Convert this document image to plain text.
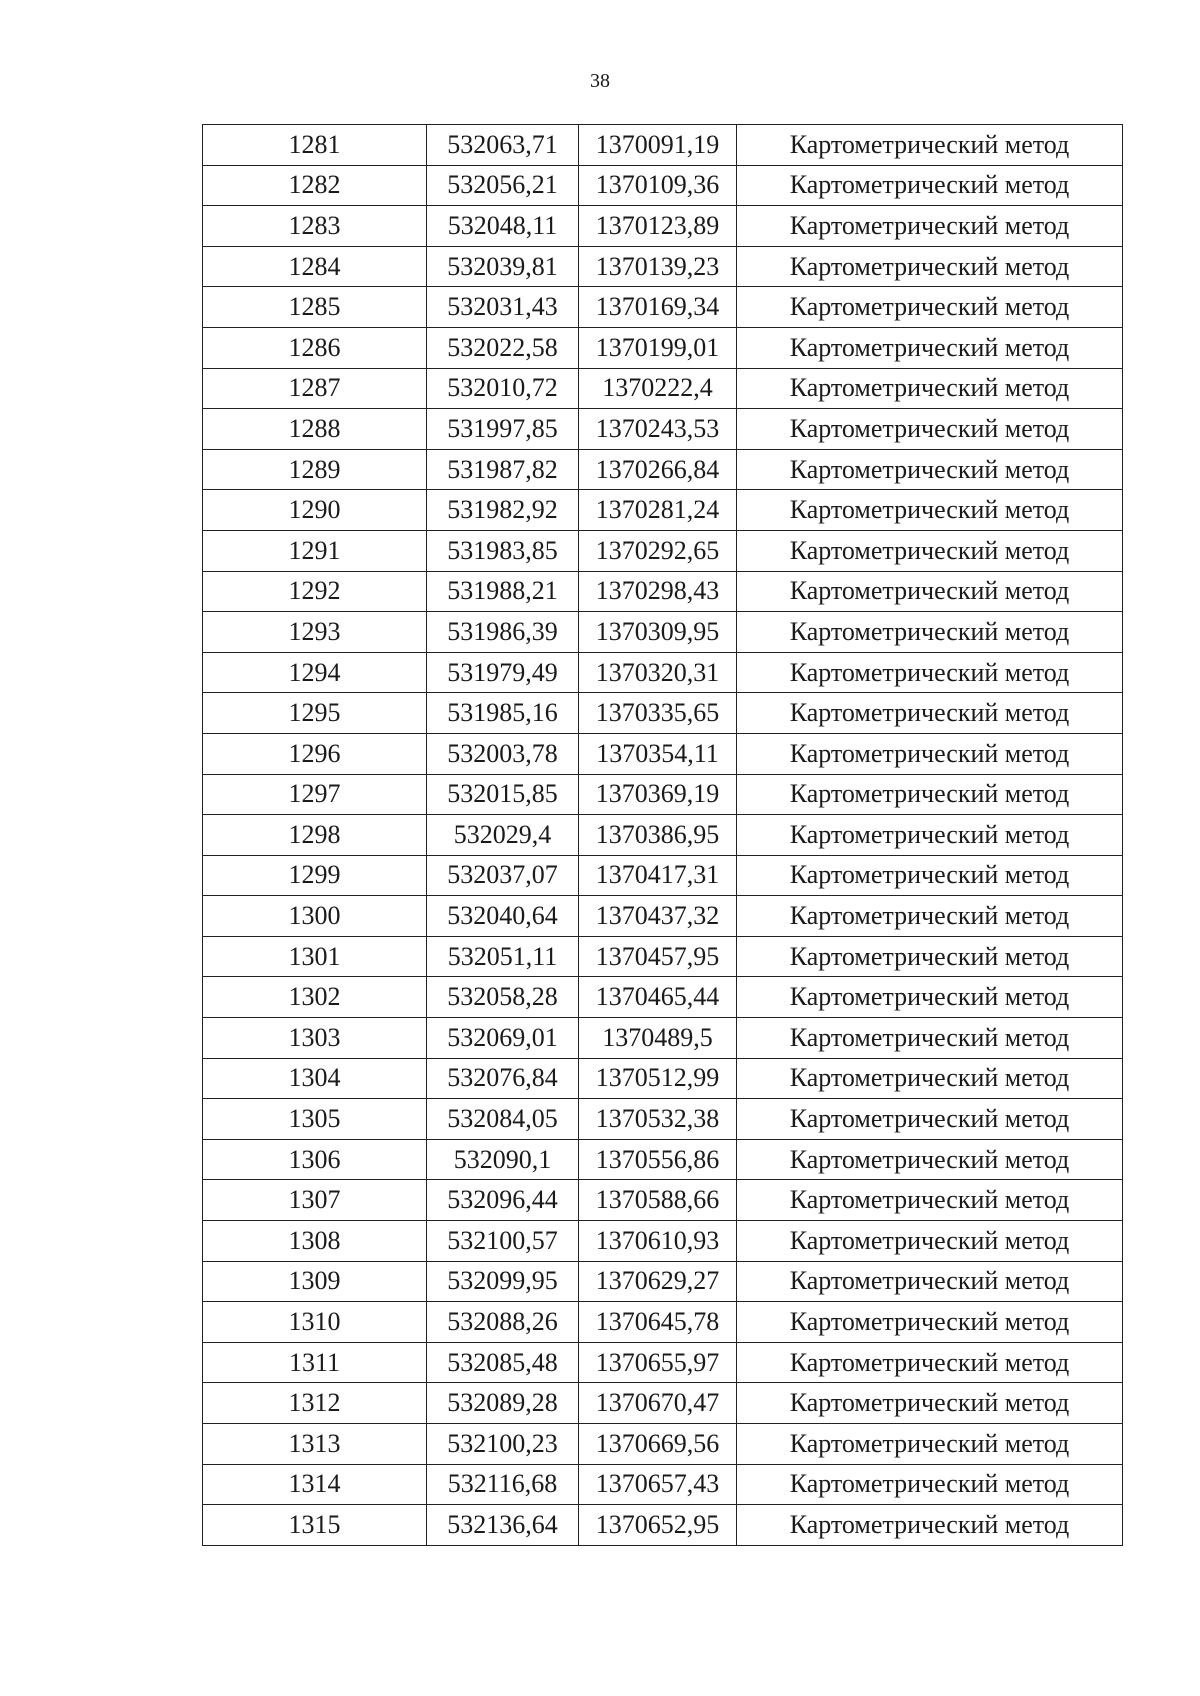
38
1281	532063,71	1370091,19	Картометрический метод
1282	532056,21	1370109,36	Картометрический метод
1283	532048,11	1370123,89	Картометрический метод
1284	532039,81	1370139,23	Картометрический метод
1285	532031,43	1370169,34	Картометрический метод
1286	532022,58	1370199,01	Картометрический метод
1287	532010,72	1370222,4	Картометрический метод
1288	531997,85	1370243,53	Картометрический метод
1289	531987,82	1370266,84	Картометрический метод
1290	531982,92	1370281,24	Картометрический метод
1291	531983,85	1370292,65	Картометрический метод
1292	531988,21	1370298,43	Картометрический метод
1293	531986,39	1370309,95	Картометрический метод
1294	531979,49	1370320,31	Картометрический метод
1295	531985,16	1370335,65	Картометрический метод
1296	532003,78	1370354,11	Картометрический метод
1297	532015,85	1370369,19	Картометрический метод
1298	532029,4	1370386,95	Картометрический метод
1299	532037,07	1370417,31	Картометрический метод
1300	532040,64	1370437,32	Картометрический метод
1301	532051,11	1370457,95	Картометрический метод
1302	532058,28	1370465,44	Картометрический метод
1303	532069,01	1370489,5	Картометрический метод
1304	532076,84	1370512,99	Картометрический метод
1305	532084,05	1370532,38	Картометрический метод
1306	532090,1	1370556,86	Картометрический метод
1307	532096,44	1370588,66	Картометрический метод
1308	532100,57	1370610,93	Картометрический метод
1309	532099,95	1370629,27	Картометрический метод
1310	532088,26	1370645,78	Картометрический метод
1311	532085,48	1370655,97	Картометрический метод
1312	532089,28	1370670,47	Картометрический метод
1313	532100,23	1370669,56	Картометрический метод
1314	532116,68	1370657,43	Картометрический метод
1315	532136,64	1370652,95	Картометрический метод
